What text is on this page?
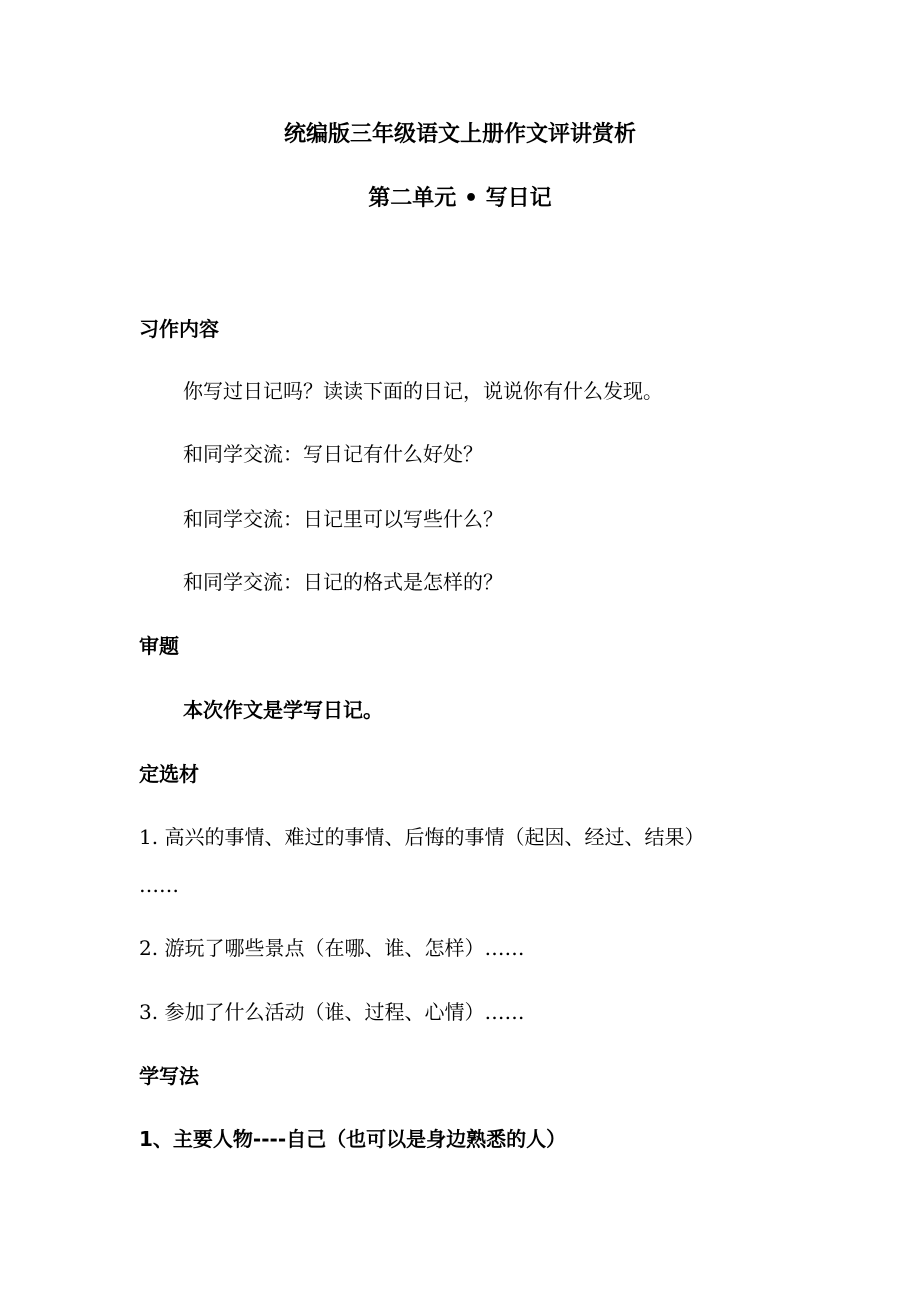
统编版三年级语文上册作文评讲赏析
第二单元 • 写日记
习作内容
你写过日记吗？读读下面的日记，说说你有什么发现。
和同学交流：写日记有什么好处？
和同学交流：日记里可以写些什么？
和同学交流：日记的格式是怎样的？
审题
本次作文是学写日记。
定选材
1. 高兴的事情、难过的事情、后悔的事情（起因、经过、结果）
……
2. 游玩了哪些景点（在哪、谁、怎样）……
3. 参加了什么活动（谁、过程、心情）……
学写法
1、主要人物----自己（也可以是身边熟悉的人）
